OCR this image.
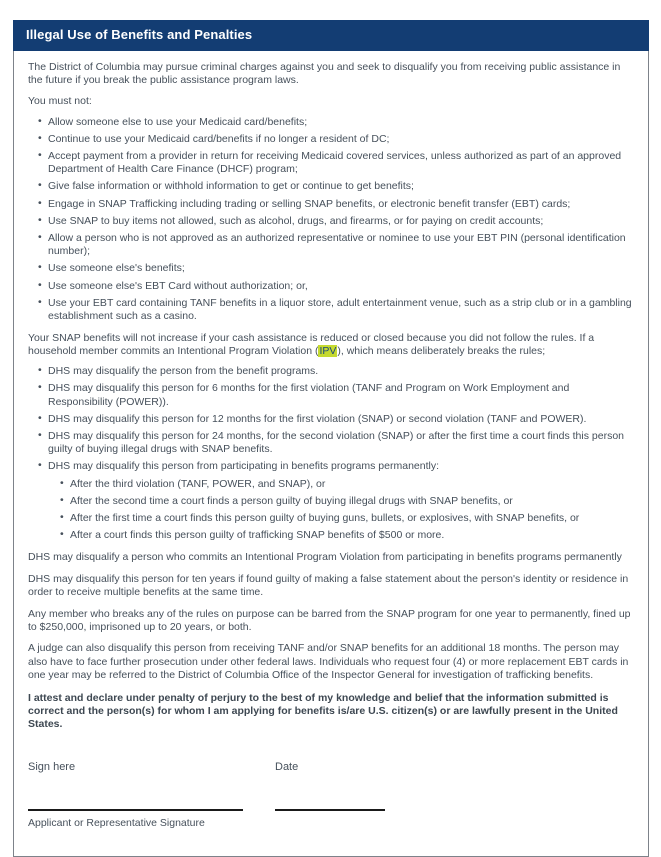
Illegal Use of Benefits and Penalties

The District of Columbia may pursue criminal charges against you and seek to disqualify you from receiving public assistance in the future if you break the public assistance program laws.

You must not:

• Allow someone else to use your Medicaid card/benefits;
• Continue to use your Medicaid card/benefits if no longer a resident of DC;
• Accept payment from a provider in return for receiving Medicaid covered services, unless authorized as part of an approved Department of Health Care Finance (DHCF) program;
• Give false information or withhold information to get or continue to get benefits;
• Engage in SNAP Trafficking including trading or selling SNAP benefits, or electronic benefit transfer (EBT) cards;
• Use SNAP to buy items not allowed, such as alcohol, drugs, and firearms, or for paying on credit accounts;
• Allow a person who is not approved as an authorized representative or nominee to use your EBT PIN (personal identification number);
• Use someone else's benefits;
• Use someone else's EBT Card without authorization; or,
• Use your EBT card containing TANF benefits in a liquor store, adult entertainment venue, such as a strip club or in a gambling establishment such as a casino.

Your SNAP benefits will not increase if your cash assistance is reduced or closed because you did not follow the rules. If a household member commits an Intentional Program Violation (IPV), which means deliberately breaks the rules;

• DHS may disqualify the person from the benefit programs.
• DHS may disqualify this person for 6 months for the first violation (TANF and Program on Work Employment and Responsibility (POWER)).
• DHS may disqualify this person for 12 months for the first violation (SNAP) or second violation (TANF and POWER).
• DHS may disqualify this person for 24 months, for the second violation (SNAP) or after the first time a court finds this person guilty of buying illegal drugs with SNAP benefits.
• DHS may disqualify this person from participating in benefits programs permanently:
• After the third violation (TANF, POWER, and SNAP), or
• After the second time a court finds a person guilty of buying illegal drugs with SNAP benefits, or
• After the first time a court finds this person guilty of buying guns, bullets, or explosives, with SNAP benefits, or
• After a court finds this person guilty of trafficking SNAP benefits of $500 or more.

DHS may disqualify a person who commits an Intentional Program Violation from participating in benefits programs permanently

DHS may disqualify this person for ten years if found guilty of making a false statement about the person's identity or residence in order to receive multiple benefits at the same time.

Any member who breaks any of the rules on purpose can be barred from the SNAP program for one year to permanently, fined up to $250,000, imprisoned up to 20 years, or both.

A judge can also disqualify this person from receiving TANF and/or SNAP benefits for an additional 18 months. The person may also have to face further prosecution under other federal laws. Individuals who request four (4) or more replacement EBT cards in one year may be referred to the District of Columbia Office of the Inspector General for investigation of trafficking benefits.

I attest and declare under penalty of perjury to the best of my knowledge and belief that the information submitted is correct and the person(s) for whom I am applying for benefits is/are U.S. citizen(s) or are lawfully present in the United States.

Sign here
Applicant or Representative Signature
Date
